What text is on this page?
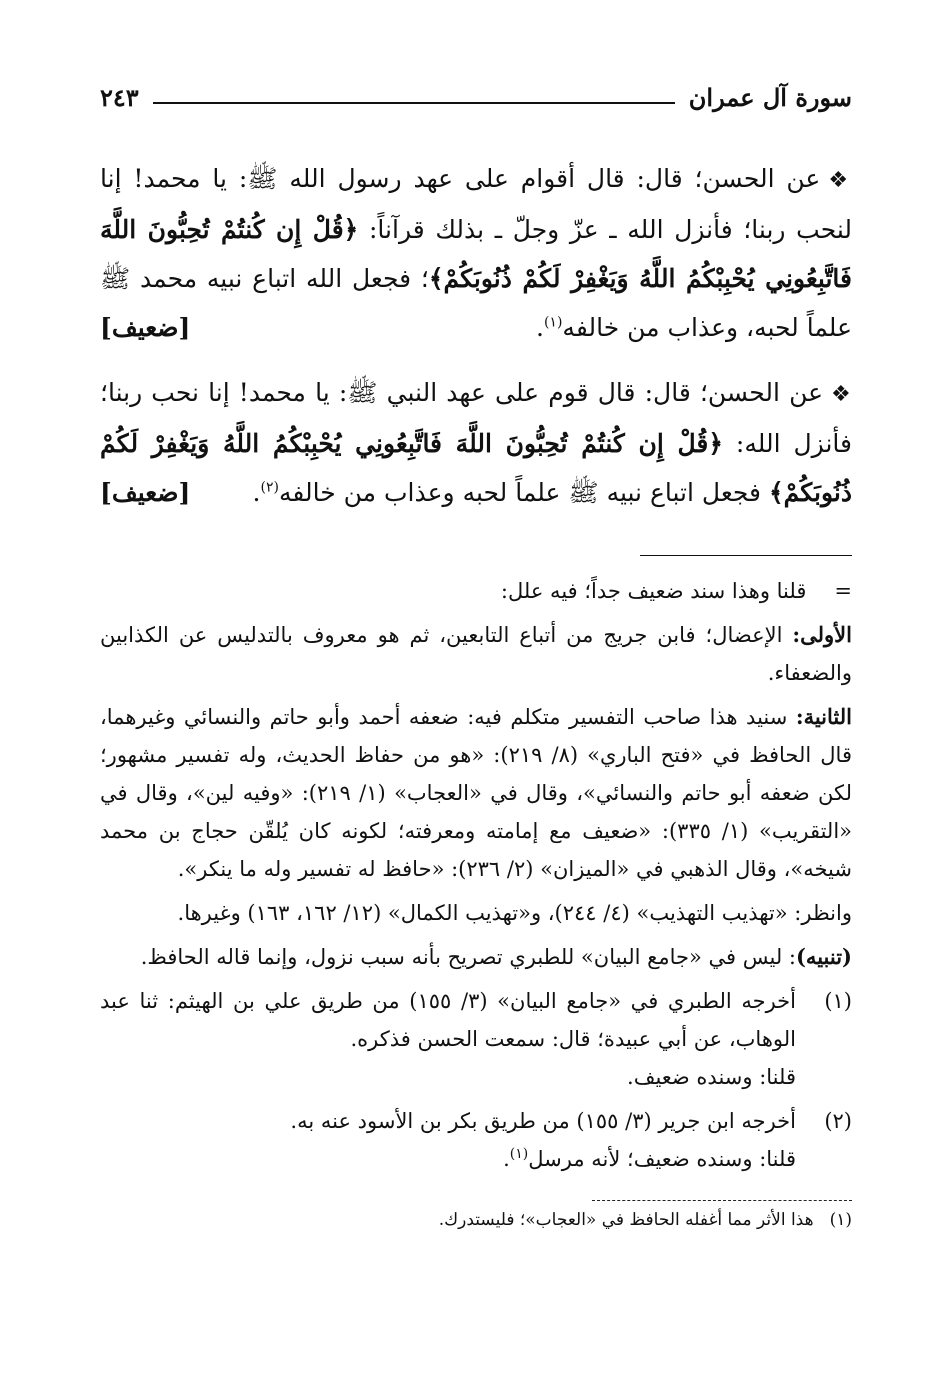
سورة آل عمران
٢٤٣

❖عن الحسن؛ قال: قال أقوام على عهد رسول الله ﷺ: يا محمد! إنا لنحب ربنا؛ فأنزل الله ـ عزّ وجلّ ـ بذلك قرآناً: ﴿قُلْ إِن كُنتُمْ تُحِبُّونَ اللَّهَ فَاتَّبِعُونِي يُحْبِبْكُمُ اللَّهُ وَيَغْفِرْ لَكُمْ ذُنُوبَكُمْ﴾؛ فجعل الله اتباع نبيه محمد ﷺ علماً لحبه، وعذاب من خالفه$^{(١)}$.
[ضعيف]

❖عن الحسن؛ قال: قال قوم على عهد النبي ﷺ: يا محمد! إنا نحب ربنا؛ فأنزل الله: ﴿قُلْ إِن كُنتُمْ تُحِبُّونَ اللَّهَ فَاتَّبِعُونِي يُحْبِبْكُمُ اللَّهُ وَيَغْفِرْ لَكُمْ ذُنُوبَكُمْ﴾ فجعل اتباع نبيه ﷺ علماً لحبه وعذاب من خالفه$^{(٢)}$.
[ضعيف]

=قلنا وهذا سند ضعيف جداً؛ فيه علل:

الأولى: الإعضال؛ فابن جريج من أتباع التابعين، ثم هو معروف بالتدليس عن الكذابين والضعفاء.

الثانية: سنيد هذا صاحب التفسير متكلم فيه: ضعفه أحمد وأبو حاتم والنسائي وغيرهما، قال الحافظ في «فتح الباري» (٨/ ٢١٩): «هو من حفاظ الحديث، وله تفسير مشهور؛ لكن ضعفه أبو حاتم والنسائي»، وقال في «العجاب» (١/ ٢١٩): «وفيه لين»، وقال في «التقريب» (١/ ٣٣٥): «ضعيف مع إمامته ومعرفته؛ لكونه كان يُلقّن حجاج بن محمد شيخه»، وقال الذهبي في «الميزان» (٢/ ٢٣٦): «حافظ له تفسير وله ما ينكر».

وانظر: «تهذيب التهذيب» (٤/ ٢٤٤)، و«تهذيب الكمال» (١٢/ ١٦٢، ١٦٣) وغيرها.

(تنبيه): ليس في «جامع البيان» للطبري تصريح بأنه سبب نزول، وإنما قاله الحافظ.

(١)
أخرجه الطبري في «جامع البيان» (٣/ ١٥٥) من طريق علي بن الهيثم: ثنا عبد الوهاب، عن أبي عبيدة؛ قال: سمعت الحسن فذكره.
قلنا: وسنده ضعيف.
(٢)
أخرجه ابن جرير (٣/ ١٥٥) من طريق بكر بن الأسود عنه به.
قلنا: وسنده ضعيف؛ لأنه مرسل$^{(١)}$.
(١)هذا الأثر مما أغفله الحافظ في «العجاب»؛ فليستدرك.
